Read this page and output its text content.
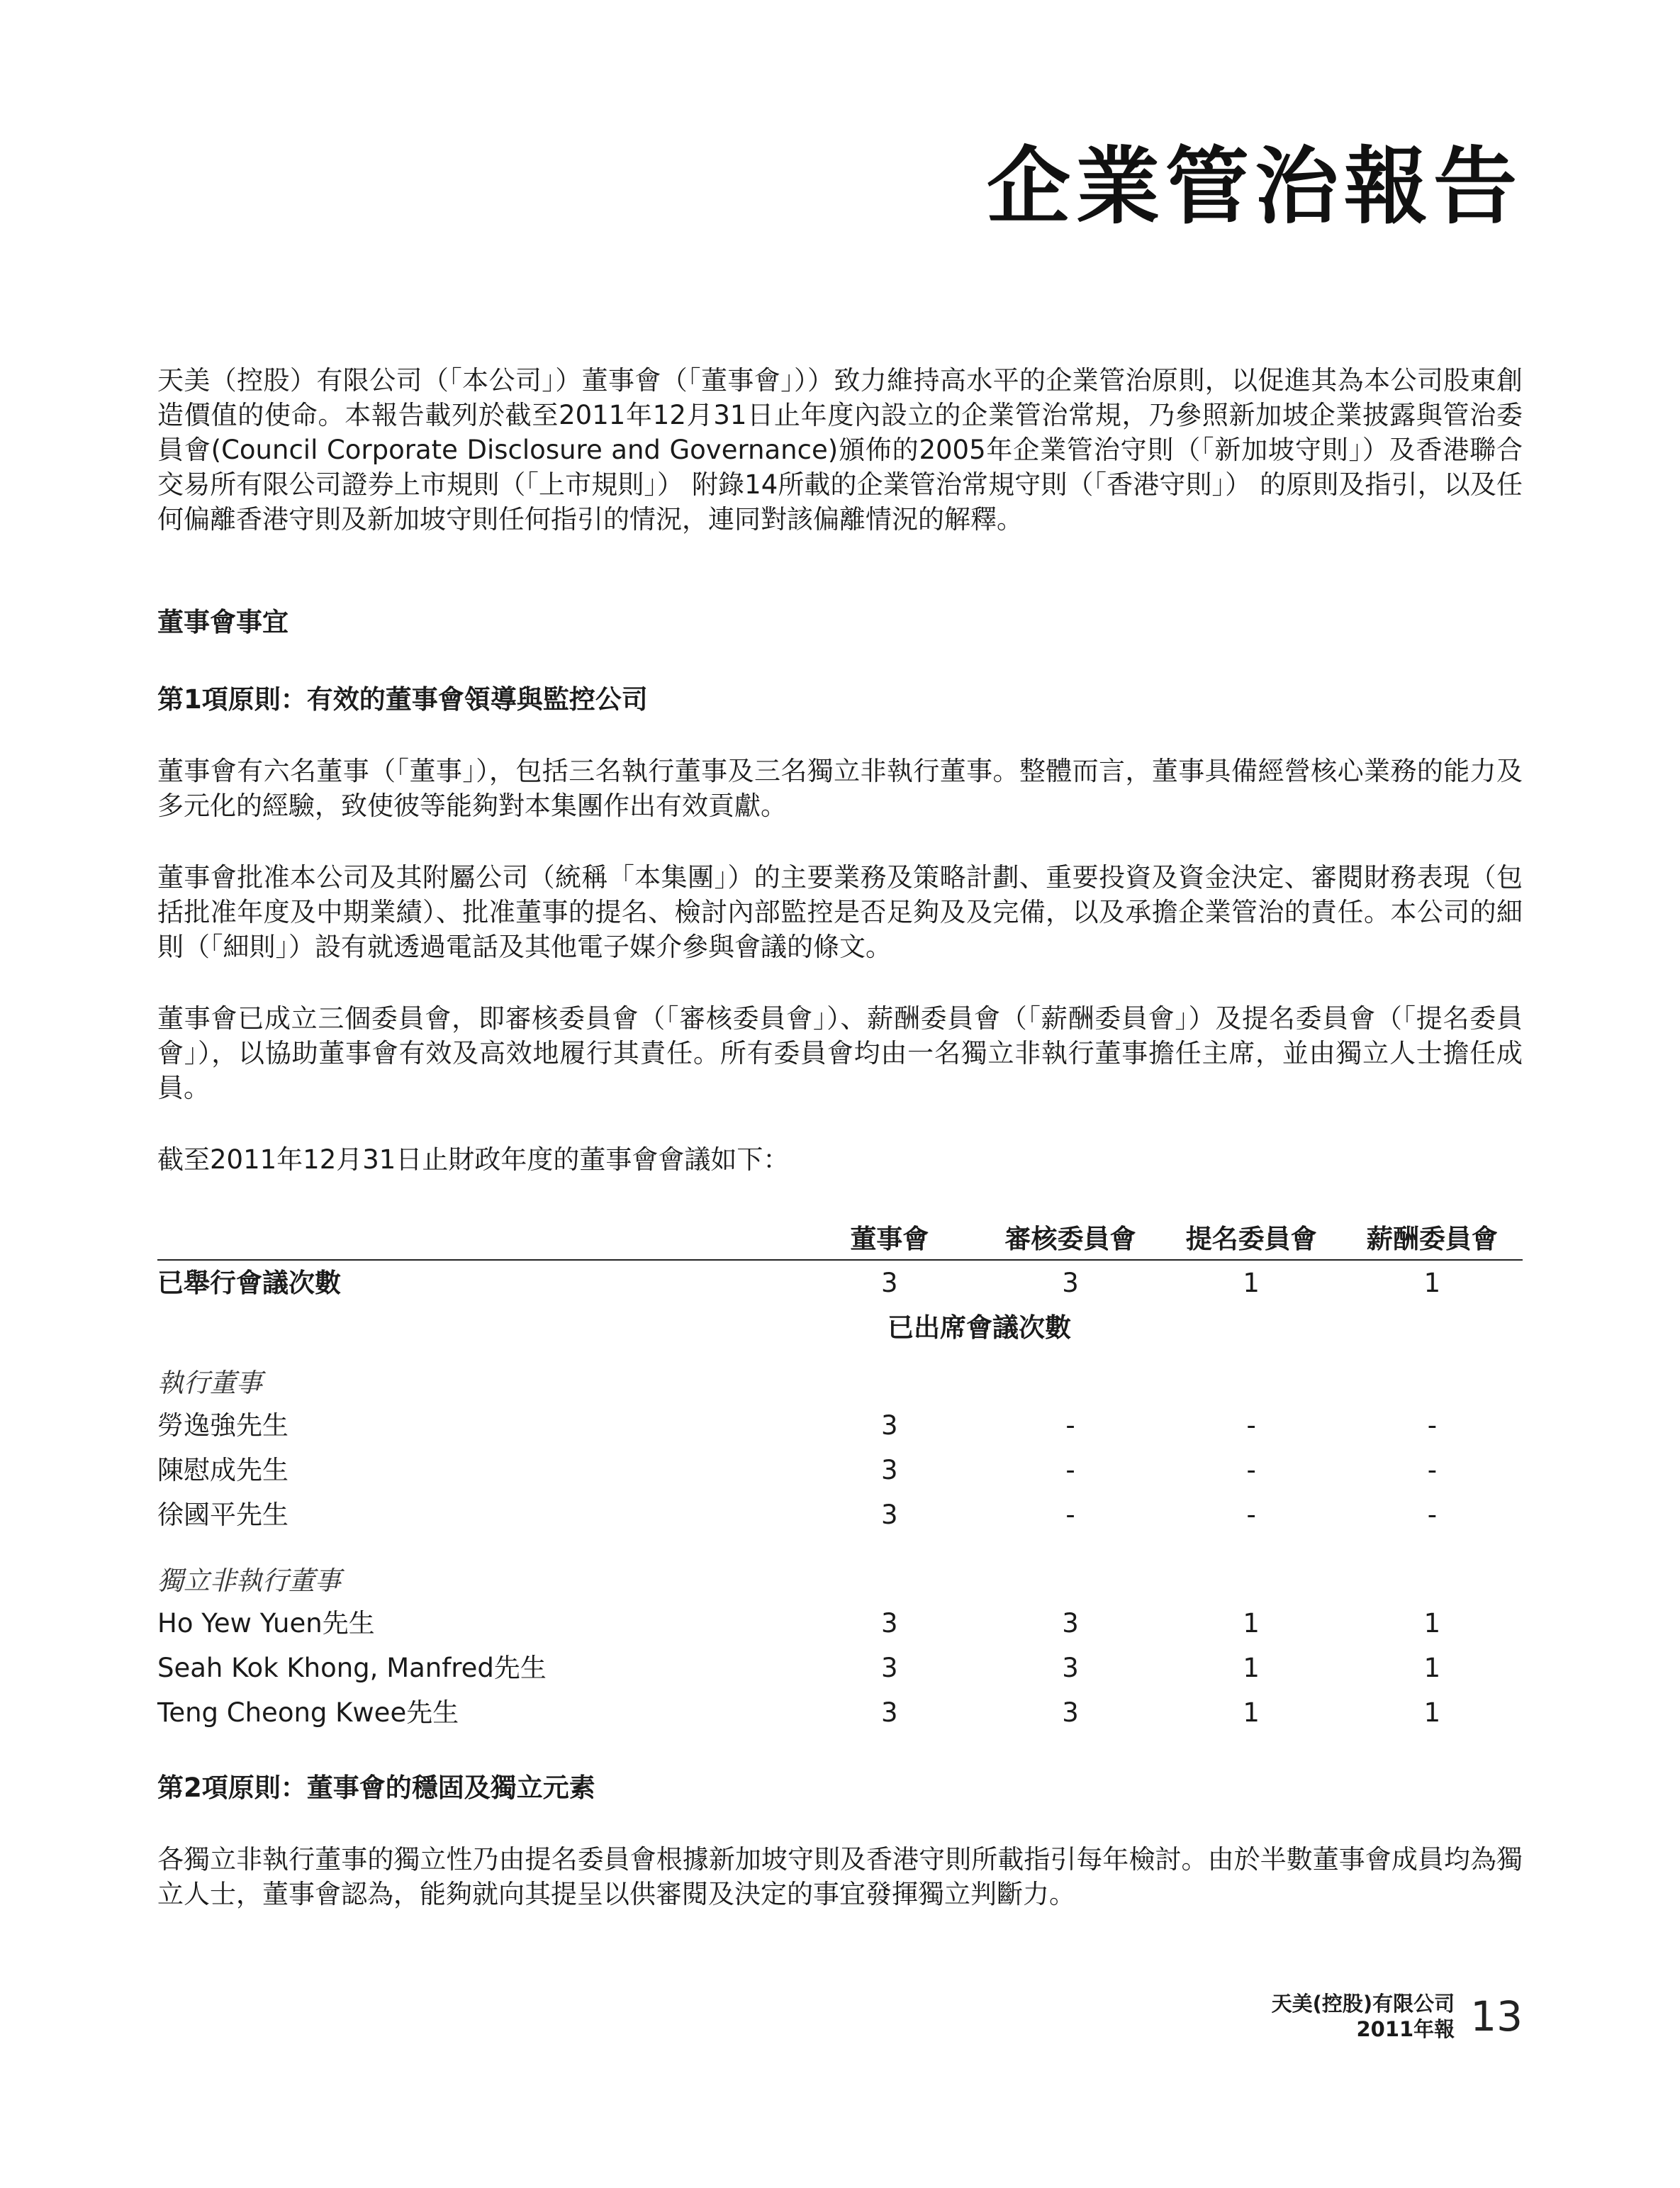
企業管治報告

天美（控股）有限公司（「本公司」）董事會（「董事會」））致力維持高水平的企業管治原則，以促進其為本公司股東創造價值的使命。本報告載列於截至2011年12月31日止年度內設立的企業管治常規，乃參照新加坡企業披露與管治委員會(Council Corporate Disclosure and Governance)頒佈的2005年企業管治守則（「新加坡守則」）及香港聯合交易所有限公司證券上市規則（「上市規則」） 附錄14所載的企業管治常規守則（「香港守則」） 的原則及指引，以及任何偏離香港守則及新加坡守則任何指引的情況，連同對該偏離情況的解釋。

董事會事宜
第1項原則：有效的董事會領導與監控公司

董事會有六名董事（「董事」），包括三名執行董事及三名獨立非執行董事。整體而言，董事具備經營核心業務的能力及多元化的經驗，致使彼等能夠對本集團作出有效貢獻。

董事會批准本公司及其附屬公司（統稱「本集團」）的主要業務及策略計劃、重要投資及資金決定、審閱財務表現（包括批准年度及中期業績）、批准董事的提名、檢討內部監控是否足夠及及完備，以及承擔企業管治的責任。本公司的細則（「細則」）設有就透過電話及其他電子媒介參與會議的條文。

董事會已成立三個委員會，即審核委員會（「審核委員會」）、薪酬委員會（「薪酬委員會」）及提名委員會（「提名委員會」），以協助董事會有效及高效地履行其責任。所有委員會均由一名獨立非執行董事擔任主席，並由獨立人士擔任成員。

截至2011年12月31日止財政年度的董事會會議如下：

董事會	審核委員會	提名委員會	薪酬委員會
已舉行會議次數	3	3	1	1
已出席會議次數
執行董事
勞逸強先生	3	-	-	-
陳慰成先生	3	-	-	-
徐國平先生	3	-	-	-
獨立非執行董事
Ho Yew Yuen先生	3	3	1	1
Seah Kok Khong, Manfred先生	3	3	1	1
Teng Cheong Kwee先生	3	3	1	1
第2項原則：董事會的穩固及獨立元素

各獨立非執行董事的獨立性乃由提名委員會根據新加坡守則及香港守則所載指引每年檢討。由於半數董事會成員均為獨立人士，董事會認為，能夠就向其提呈以供審閱及決定的事宜發揮獨立判斷力。

天美(控股)有限公司
2011年報 13
